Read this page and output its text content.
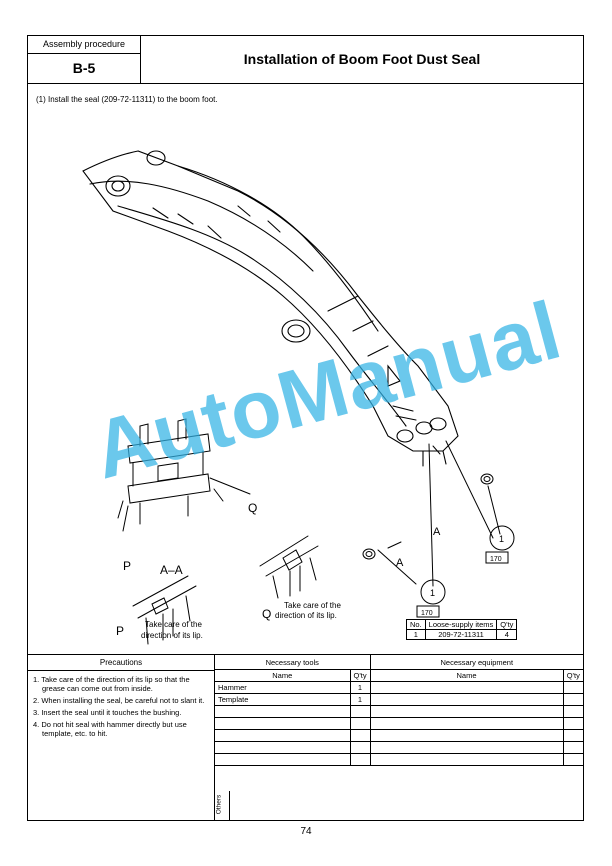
Assembly procedure
B-5
Installation of Boom Foot Dust Seal
(1) Install the seal (209-72-11311) to the boom foot.
Q
P A–A	A
A
1
1
170
170
Take care of the
Q direction of its lip.
Take care of the
P direction of its lip.
AutoManual
No.	Loose-supply items	Q'ty
1	209-72-11311	4
Precautions
1. Take care of the direction of its lip so that the grease can come out from inside.
2. When installing the seal, be careful not to slant it.
3. Insert the seal until it touches the bushing.
4. Do not hit seal with hammer directly but use template, etc. to hit.
Necessary tools		Necessary equipment	
Name	Q'ty	Name	Q'ty
Hammer	1		
Template	1		

Others
74
